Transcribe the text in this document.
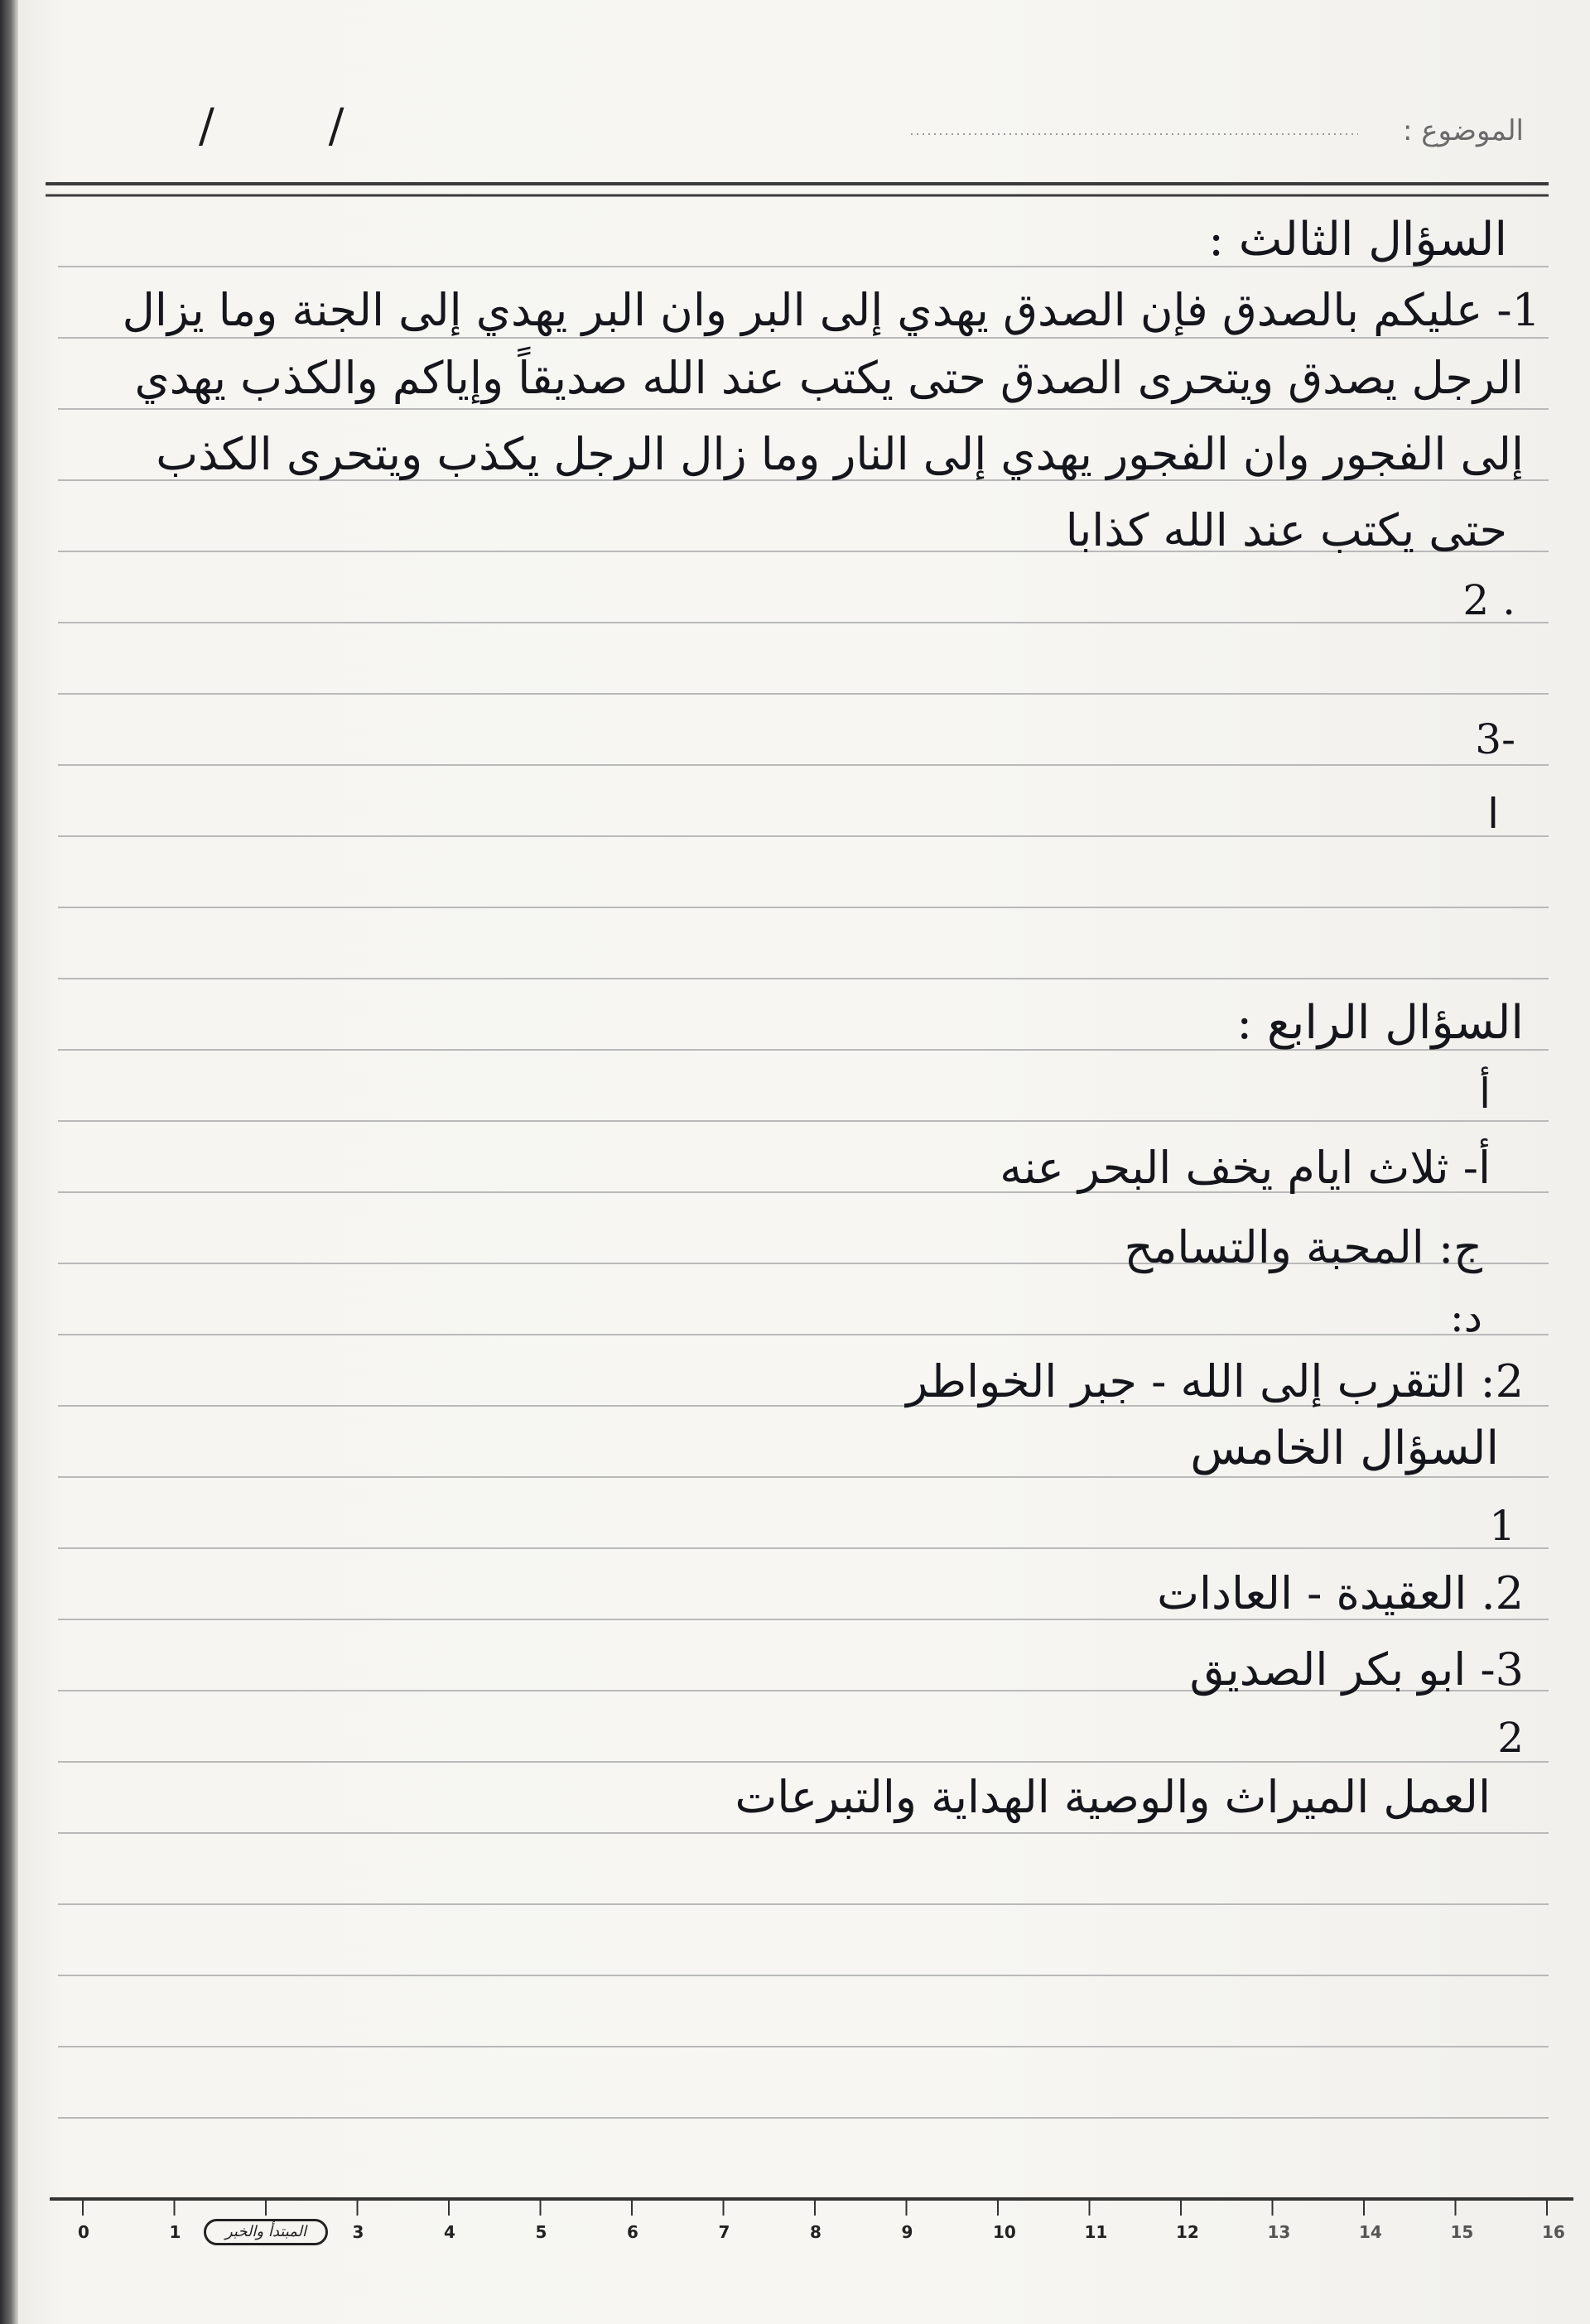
/ /	الموضوع :
السؤال الثالث :
1- عليكم بالصدق فإن الصدق يهدي إلى البر وان البر يهدي إلى الجنة وما يزال
الرجل يصدق ويتحرى الصدق حتى يكتب عند الله صديقاً وإياكم والكذب يهدي
إلى الفجور وان الفجور يهدي إلى النار وما زال الرجل يكذب ويتحرى الكذب
حتى يكتب عند الله كذابا
. 2
-3
ا
السؤال الرابع :
أ
أ- ثلاث ايام يخف البحر عنه
ج: المحبة والتسامح
د:
2: التقرب إلى الله - جبر الخواطر
السؤال الخامس
1
2. العقيدة - العادات
3- ابو بكر الصديق
2
العمل الميراث والوصية الهداية والتبرعات
المبتدأ والخبر
0	1	3	4	5	6	7	8	9	10	11	12	13	14	15	16
